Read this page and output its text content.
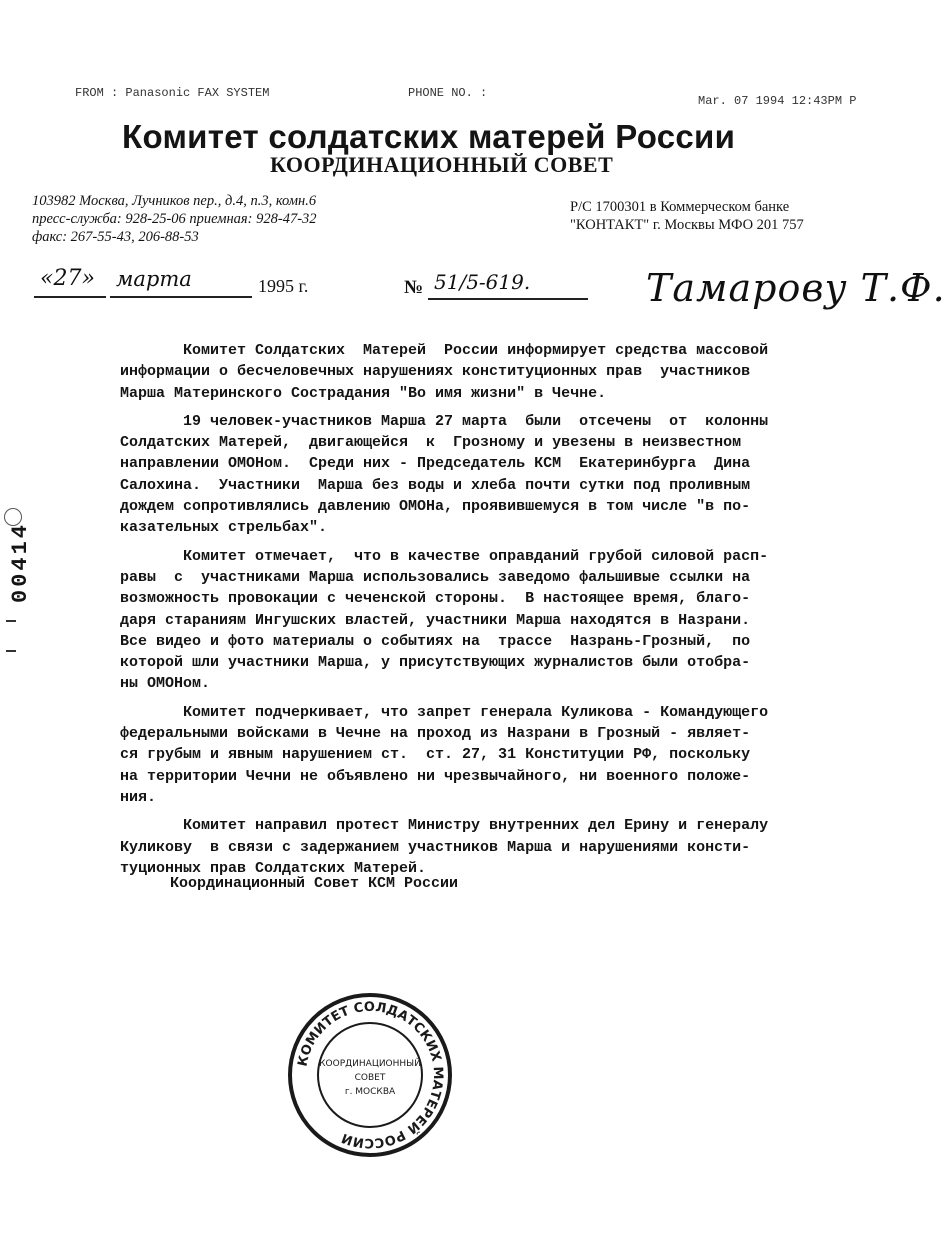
FROM : Panasonic FAX SYSTEM	PHONE NO. :
Mar. 07 1994 12:43PM P
Комитет солдатских матерей России
КООРДИНАЦИОННЫЙ СОВЕТ
103982 Москва, Лучников пер., д.4, п.3, комн.6
пресс-служба: 928-25-06 приемная: 928-47-32
факс: 267-55-43, 206-88-53
Р/С 1700301 в Коммерческом банке
"КОНТАКТ" г. Москвы МФО 201 757
«27» марта	1995 г.	№ 51/5-619.	Тамарову Т.Ф.

Комитет Солдатских  Матерей  России информирует средства массовой
информации о бесчеловечных нарушениях конституционных прав  участников
Марша Материнского Сострадания "Во имя жизни" в Чечне.

19 человек-участников Марша 27 марта  были  отсечены  от  колонны
Солдатских Матерей,  двигающейся  к  Грозному и увезены в неизвестном
направлении ОМОНом.  Среди них - Председатель КСМ  Екатеринбурга  Дина
Салохина.  Участники  Марша без воды и хлеба почти сутки под проливным
дождем сопротивлялись давлению ОМОНа, проявившемуся в том числе "в по-
казательных стрельбах".

Комитет отмечает,  что в качестве оправданий грубой силовой расп-
равы  с  участниками Марша использовались заведомо фальшивые ссылки на
возможность провокации с чеченской стороны.  В настоящее время, благо-
даря стараниям Ингушских властей, участники Марша находятся в Назрани.
Все видео и фото материалы о событиях на  трассе  Назрань-Грозный,  по
которой шли участники Марша, у присутствующих журналистов были отобра-
ны ОМОНом.

Комитет подчеркивает, что запрет генерала Куликова - Командующего
федеральными войсками в Чечне на проход из Назрани в Грозный - являет-
ся грубым и явным нарушением ст.  ст. 27, 31 Конституции РФ, поскольку
на территории Чечни не объявлено ни чрезвычайного, ни военного положе-
ния.

Комитет направил протест Министру внутренних дел Ерину и генералу
Куликову  в связи с задержанием участников Марша и нарушениями консти-
туционных прав Солдатских Матерей.

Координационный Совет КСМ России
00414
КОМИТЕТ СОЛДАТСКИХ МАТЕРЕЙ РОССИИ
КООРДИНАЦИОННЫЙ
СОВЕТ
г. МОСКВА
